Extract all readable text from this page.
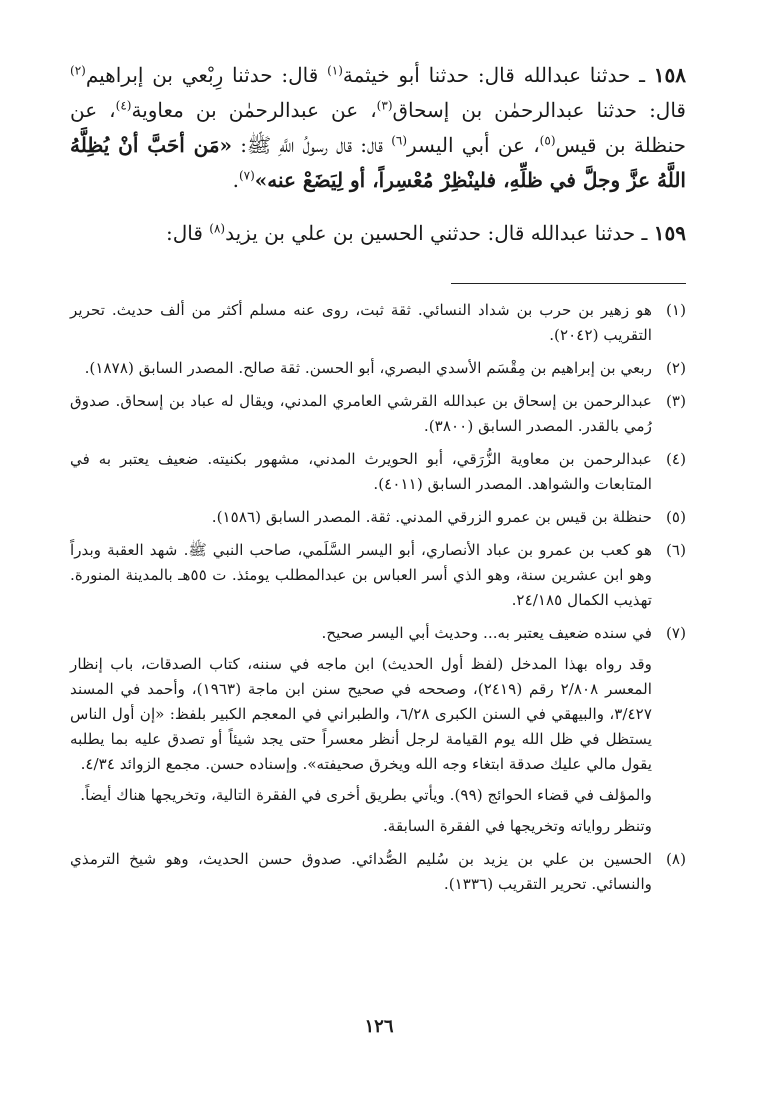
١٥٨ ـ حدثنا عبدالله قال: حدثنا أبو خيثمة$^{(١)}$ قال: حدثنا رِبْعي بن إبراهيم$^{(٢)}$ قال: حدثنا عبدالرحمٰن بن إسحاق$^{(٣)}$، عن عبدالرحمٰن بن معاوية$^{(٤)}$، عن حنظلة بن قيس$^{(٥)}$، عن أبي اليسر$^{(٦)}$ قال: قال رسولُ اللَّهِ ﷺ: «مَن أحَبَّ أنْ يُظِلَّهُ اللَّهُ عزَّ وجلَّ في ظلِّهِ، فلينْظِرْ مُعْسِراً، أو لِيَضَعْ عنه»$^{(٧)}$.

١٥٩ ـ حدثنا عبدالله قال: حدثني الحسين بن علي بن يزيد$^{(٨)}$ قال:

(١)

هو زهير بن حرب بن شداد النسائي. ثقة ثبت، روى عنه مسلم أكثر من ألف حديث. تحرير التقريب (٢٠٤٢).

(٢)

ربعي بن إبراهيم بن مِقْسَم الأسدي البصري، أبو الحسن. ثقة صالح. المصدر السابق (١٨٧٨).

(٣)

عبدالرحمن بن إسحاق بن عبدالله القرشي العامري المدني، ويقال له عباد بن إسحاق. صدوق رُمي بالقدر. المصدر السابق (٣٨٠٠).

(٤)

عبدالرحمن بن معاوية الزُّرَقي، أبو الحويرث المدني، مشهور بكنيته. ضعيف يعتبر به في المتابعات والشواهد. المصدر السابق (٤٠١١).

(٥)

حنظلة بن قيس بن عمرو الزرقي المدني. ثقة. المصدر السابق (١٥٨٦).

(٦)

هو كعب بن عمرو بن عباد الأنصاري، أبو اليسر السَّلَمي، صاحب النبي ﷺ. شهد العقبة وبدراً وهو ابن عشرين سنة، وهو الذي أسر العباس بن عبدالمطلب يومئذ. ت ٥٥هـ بالمدينة المنورة. تهذيب الكمال ٢٤/١٨٥.

(٧)

في سنده ضعيف يعتبر به... وحديث أبي اليسر صحيح.

وقد رواه بهذا المدخل (لفظ أول الحديث) ابن ماجه في سننه، كتاب الصدقات، باب إنظار المعسر ٢/٨٠٨ رقم (٢٤١٩)، وصححه في صحيح سنن ابن ماجة (١٩٦٣)، وأحمد في المسند ٣/٤٢٧، والبيهقي في السنن الكبرى ٦/٢٨، والطبراني في المعجم الكبير بلفظ: «إن أول الناس يستظل في ظل الله يوم القيامة لرجل أنظر معسراً حتى يجد شيئاً أو تصدق عليه بما يطلبه يقول مالي عليك صدقة ابتغاء وجه الله ويخرق صحيفته». وإسناده حسن. مجمع الزوائد ٤/٣٤.

والمؤلف في قضاء الحوائج (٩٩). ويأتي بطريق أخرى في الفقرة التالية، وتخريجها هناك أيضاً.

وتنظر رواياته وتخريجها في الفقرة السابقة.

(٨)

الحسين بن علي بن يزيد بن سُليم الصُّدائي. صدوق حسن الحديث، وهو شيخ الترمذي والنسائي. تحرير التقريب (١٣٣٦).

١٢٦
